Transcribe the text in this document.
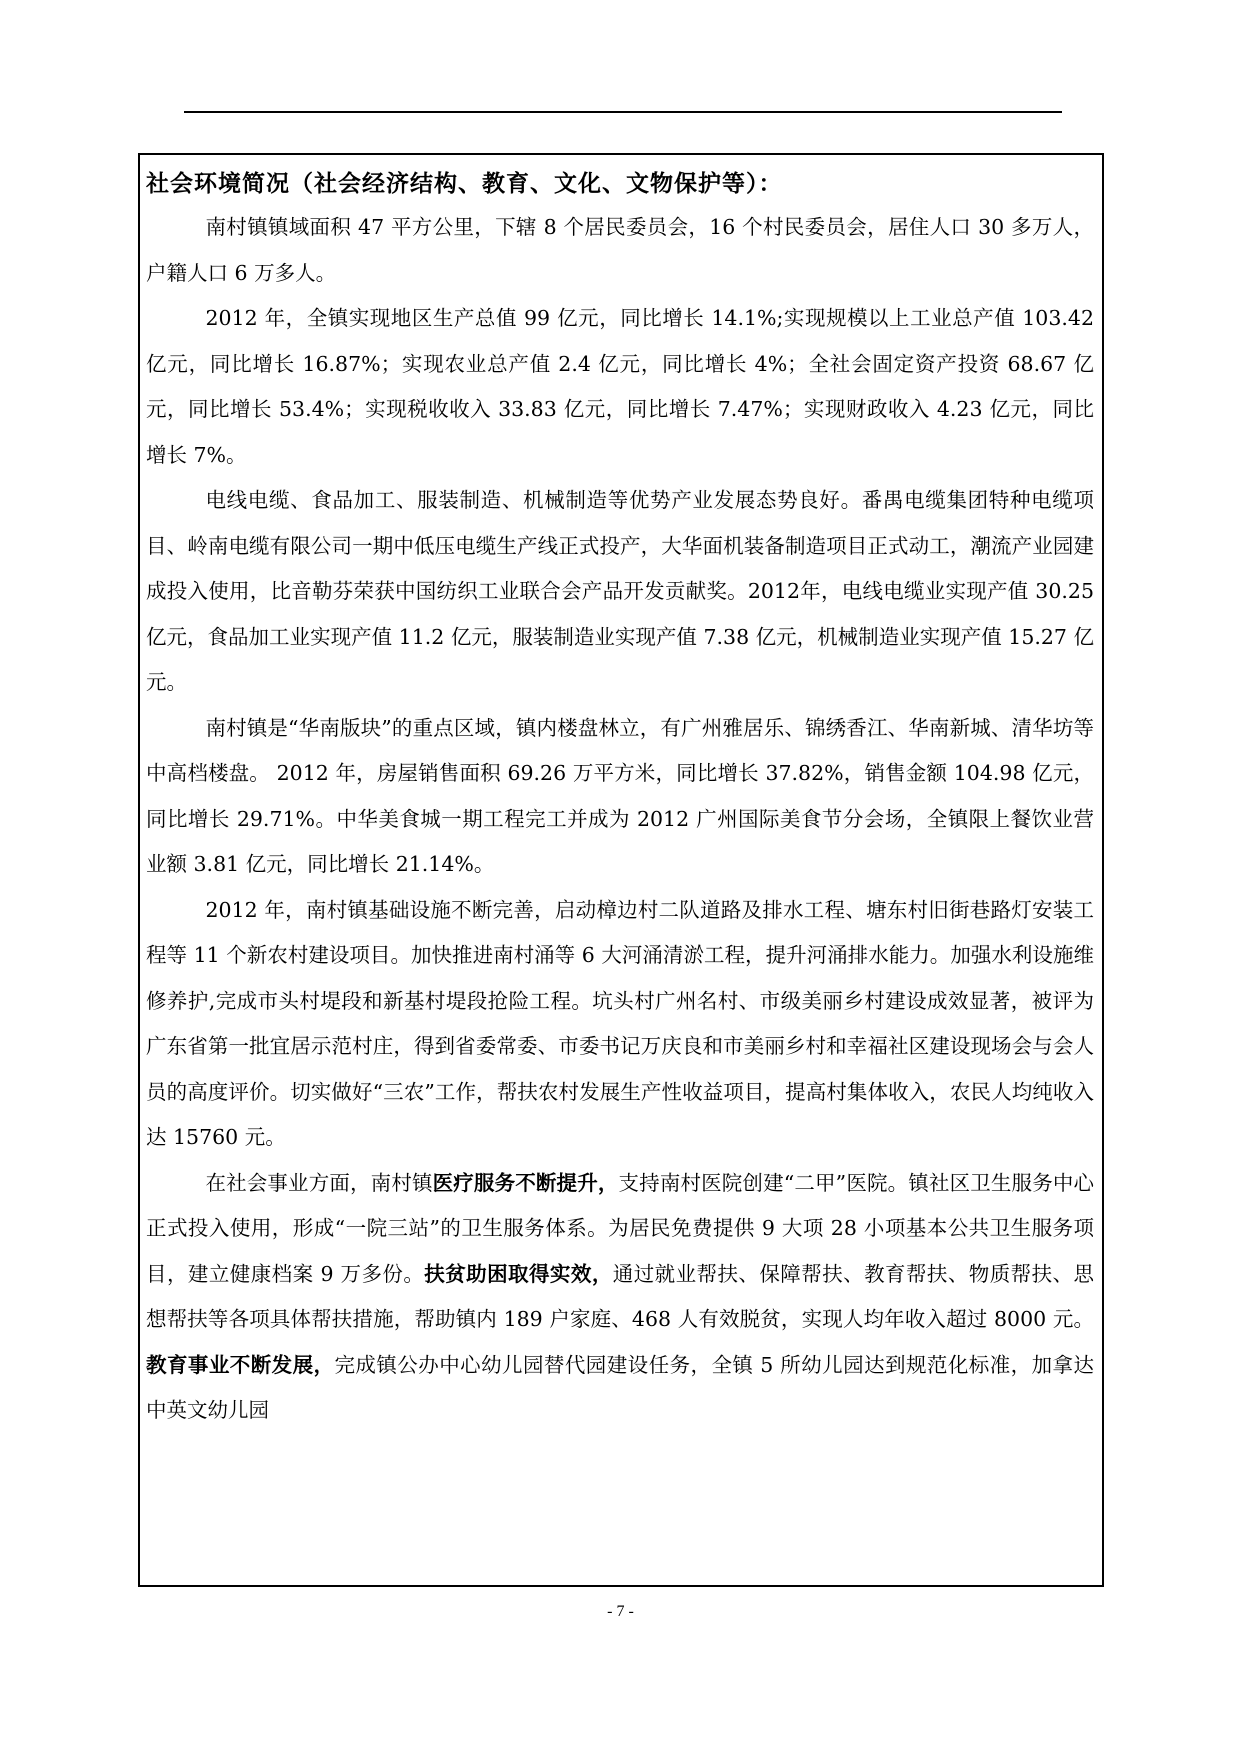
社会环境简况（社会经济结构、教育、文化、文物保护等）：

南村镇镇域面积 47 平方公里，下辖 8 个居民委员会，16 个村民委员会，居住人口 30 多万人，户籍人口 6 万多人。

2012 年，全镇实现地区生产总值 99 亿元，同比增长 14.1%;实现规模以上工业总产值 103.42 亿元，同比增长 16.87%；实现农业总产值 2.4 亿元，同比增长 4%；全社会固定资产投资 68.67 亿元，同比增长 53.4%；实现税收收入 33.83 亿元，同比增长 7.47%；实现财政收入 4.23 亿元，同比增长 7%。

电线电缆、食品加工、服装制造、机械制造等优势产业发展态势良好。番禺电缆集团特种电缆项目、岭南电缆有限公司一期中低压电缆生产线正式投产，大华面机装备制造项目正式动工，潮流产业园建成投入使用，比音勒芬荣获中国纺织工业联合会产品开发贡献奖。2012年，电线电缆业实现产值 30.25 亿元，食品加工业实现产值 11.2 亿元，服装制造业实现产值 7.38 亿元，机械制造业实现产值 15.27 亿元。

南村镇是“华南版块”的重点区域，镇内楼盘林立，有广州雅居乐、锦绣香江、华南新城、清华坊等中高档楼盘。 2012 年，房屋销售面积 69.26 万平方米，同比增长 37.82%，销售金额 104.98 亿元，同比增长 29.71%。中华美食城一期工程完工并成为 2012 广州国际美食节分会场，全镇限上餐饮业营业额 3.81 亿元，同比增长 21.14%。

2012 年，南村镇基础设施不断完善，启动樟边村二队道路及排水工程、塘东村旧街巷路灯安装工程等 11 个新农村建设项目。加快推进南村涌等 6 大河涌清淤工程，提升河涌排水能力。加强水利设施维修养护,完成市头村堤段和新基村堤段抢险工程。坑头村广州名村、市级美丽乡村建设成效显著，被评为广东省第一批宜居示范村庄，得到省委常委、市委书记万庆良和市美丽乡村和幸福社区建设现场会与会人员的高度评价。切实做好“三农”工作，帮扶农村发展生产性收益项目，提高村集体收入，农民人均纯收入达 15760 元。

在社会事业方面，南村镇医疗服务不断提升，支持南村医院创建“二甲”医院。镇社区卫生服务中心正式投入使用，形成“一院三站”的卫生服务体系。为居民免费提供 9 大项 28 小项基本公共卫生服务项目，建立健康档案 9 万多份。扶贫助困取得实效，通过就业帮扶、保障帮扶、教育帮扶、物质帮扶、思想帮扶等各项具体帮扶措施，帮助镇内 189 户家庭、468 人有效脱贫，实现人均年收入超过 8000 元。教育事业不断发展，完成镇公办中心幼儿园替代园建设任务，全镇 5 所幼儿园达到规范化标准，加拿达中英文幼儿园

- 7 -
